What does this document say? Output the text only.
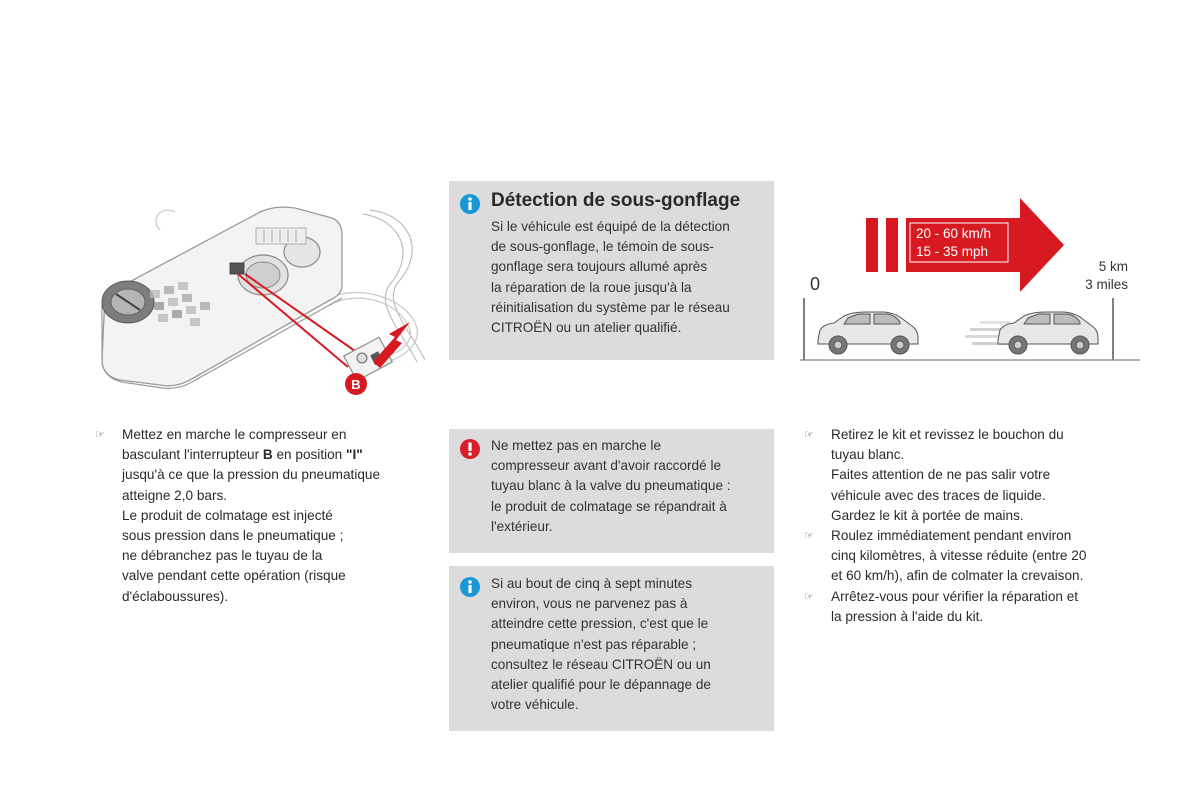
B
Détection de sous-gonflage

Si le véhicule est équipé de la détection

de sous-gonflage, le témoin de sous-

gonflage sera toujours allumé après

la réparation de la roue jusqu'à la

réinitialisation du système par le réseau

CITROËN ou un atelier qualifié.

20 - 60 km/h
15 - 35 mph
0
5 km
3 miles
☞ Mettez en marche le compresseur en

basculant l'interrupteur B en position "I"

jusqu'à ce que la pression du pneumatique

atteigne 2,0 bars.

Le produit de colmatage est injecté

sous pression dans le pneumatique ;

ne débranchez pas le tuyau de la

valve pendant cette opération (risque

d'éclaboussures).

Ne mettez pas en marche le

compresseur avant d'avoir raccordé le

tuyau blanc à la valve du pneumatique :

le produit de colmatage se répandrait à

l'extérieur.

Si au bout de cinq à sept minutes

environ, vous ne parvenez pas à

atteindre cette pression, c'est que le

pneumatique n'est pas réparable ;

consultez le réseau CITROËN ou un

atelier qualifié pour le dépannage de

votre véhicule.

☞ Retirez le kit et revissez le bouchon du

tuyau blanc.

Faites attention de ne pas salir votre

véhicule avec des traces de liquide.

Gardez le kit à portée de mains.

☞ Roulez immédiatement pendant environ

cinq kilomètres, à vitesse réduite (entre 20

et 60 km/h), afin de colmater la crevaison.

☞ Arrêtez-vous pour vérifier la réparation et

la pression à l'aide du kit.
